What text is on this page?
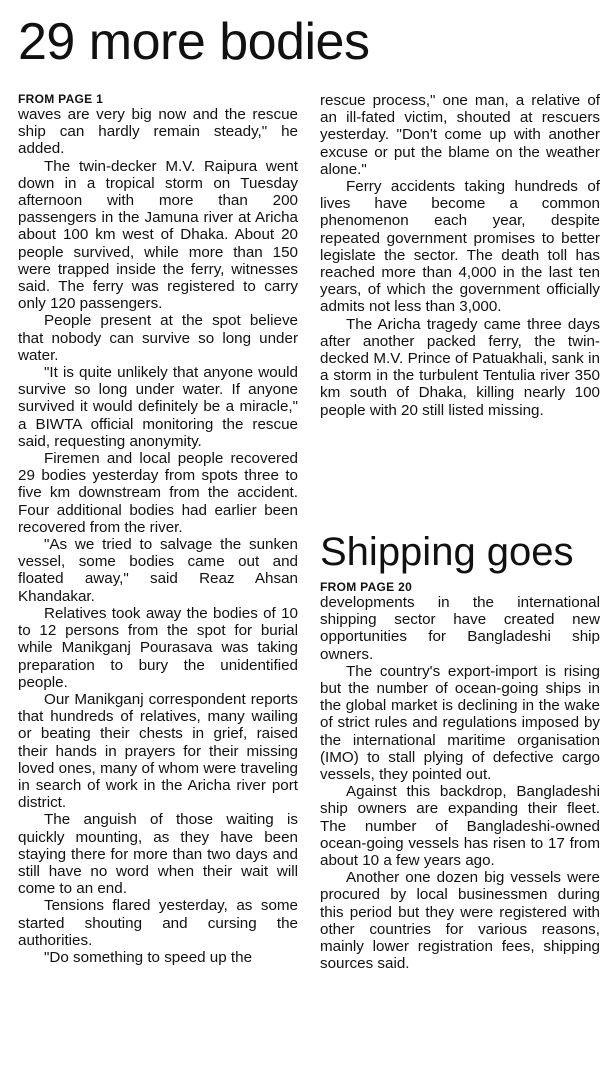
29 more bodies

FROM PAGE 1

waves are very big now and the rescue ship can hardly remain steady," he added.

The twin-decker M.V. Raipura went down in a tropical storm on Tuesday afternoon with more than 200 passengers in the Jamuna river at Aricha about 100 km west of Dhaka. About 20 people survived, while more than 150 were trapped inside the ferry, witnesses said. The ferry was registered to carry only 120 passengers.

People present at the spot believe that nobody can survive so long under water.

"It is quite unlikely that anyone would survive so long under water. If anyone survived it would definitely be a miracle," a BIWTA official monitoring the rescue said, requesting anonymity.

Firemen and local people recovered 29 bodies yesterday from spots three to five km downstream from the accident. Four additional bodies had earlier been recovered from the river.

"As we tried to salvage the sunken vessel, some bodies came out and floated away," said Reaz Ahsan Khandakar.

Relatives took away the bodies of 10 to 12 persons from the spot for burial while Manikganj Pourasava was taking preparation to bury the unidentified people.

Our Manikganj correspondent reports that hundreds of relatives, many wailing or beating their chests in grief, raised their hands in prayers for their missing loved ones, many of whom were traveling in search of work in the Aricha river port district.

The anguish of those waiting is quickly mounting, as they have been staying there for more than two days and still have no word when their wait will come to an end.

Tensions flared yesterday, as some started shouting and cursing the authorities.

"Do something to speed up the

rescue process," one man, a relative of an ill-fated victim, shouted at rescuers yesterday. "Don't come up with another excuse or put the blame on the weather alone."

Ferry accidents taking hundreds of lives have become a common phenomenon each year, despite repeated government promises to better legislate the sector. The death toll has reached more than 4,000 in the last ten years, of which the government officially admits not less than 3,000.

The Aricha tragedy came three days after another packed ferry, the twin-decked M.V. Prince of Patuakhali, sank in a storm in the turbulent Tentulia river 350 km south of Dhaka, killing nearly 100 people with 20 still listed missing.

Shipping goes

FROM PAGE 20

developments in the international shipping sector have created new opportunities for Bangladeshi ship owners.

The country's export-import is rising but the number of ocean-going ships in the global market is declining in the wake of strict rules and regulations imposed by the international maritime organisation (IMO) to stall plying of defective cargo vessels, they pointed out.

Against this backdrop, Bangladeshi ship owners are expanding their fleet. The number of Bangladeshi-owned ocean-going vessels has risen to 17 from about 10 a few years ago.

Another one dozen big vessels were procured by local businessmen during this period but they were registered with other countries for various reasons, mainly lower registration fees, shipping sources said.
